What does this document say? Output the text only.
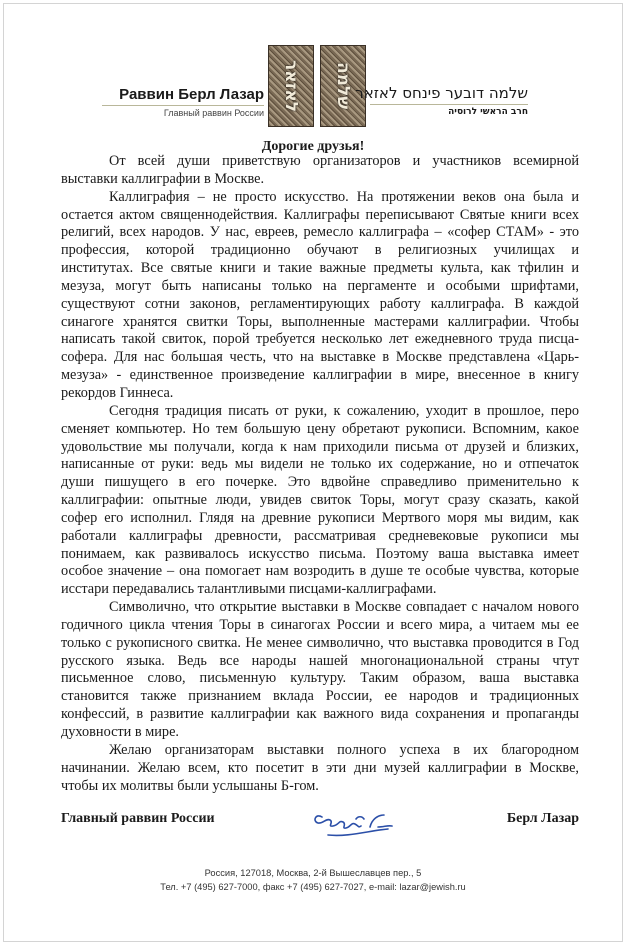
Раввин Берл Лазар
Главный раввин России
לאזאר שלמה שלמה דובער פינחס לאזאר
חרב הראשי לרוסיה
Дорогие друзья!
От всей души приветствую организаторов и участников всемирной
выставки каллиграфии в Москве.
Каллиграфия – не просто искусство. На протяжении веков она была и
остается актом священнодействия. Каллиграфы переписывают Святые книги всех
религий, всех народов. У нас, евреев, ремесло каллиграфа – «софер СТАМ» - это
профессия, которой традиционно обучают в религиозных училищах и
институтах. Все святые книги и такие важные предметы культа, как тфилин и
мезуза, могут быть написаны только на пергаменте и особыми шрифтами,
существуют сотни законов, регламентирующих работу каллиграфа. В каждой
синагоге хранятся свитки Торы, выполненные мастерами каллиграфии. Чтобы
написать такой свиток, порой требуется несколько лет ежедневного труда писца-
софера. Для нас большая честь, что на выставке в Москве представлена «Царь-
мезуза» - единственное произведение каллиграфии в мире, внесенное в книгу
рекордов Гиннеса.
Сегодня традиция писать от руки, к сожалению, уходит в прошлое, перо
сменяет компьютер. Но тем большую цену обретают рукописи. Вспомним, какое
удовольствие мы получали, когда к нам приходили письма от друзей и близких,
написанные от руки: ведь мы видели не только их содержание, но и отпечаток
души пишущего в его почерке. Это вдвойне справедливо применительно к
каллиграфии: опытные люди, увидев свиток Торы, могут сразу сказать, какой
софер его исполнил. Глядя на древние рукописи Мертвого моря мы видим, как
работали каллиграфы древности, рассматривая средневековые рукописи мы
понимаем, как развивалось искусство письма. Поэтому ваша выставка имеет
особое значение – она помогает нам возродить в душе те особые чувства, которые
исстари передавались талантливыми писцами-каллиграфами.
Символично, что открытие выставки в Москве совпадает с началом нового
годичного цикла чтения Торы в синагогах России и всего мира, а читаем мы ее
только с рукописного свитка. Не менее символично, что выставка проводится в Год
русского языка. Ведь все народы нашей многонациональной страны чтут
письменное слово, письменную культуру. Таким образом, ваша выставка
становится также признанием вклада России, ее народов и традиционных
конфессий, в развитие каллиграфии как важного вида сохранения и пропаганды
духовности в мире.
Желаю организаторам выставки полного успеха в их благородном
начинании. Желаю всем, кто посетит в эти дни музей каллиграфии в Москве,
чтобы их молитвы были услышаны Б-гом.
Главный раввин России	Берл Лазар
Россия, 127018, Москва, 2-й Вышеславцев пер., 5
Тел. +7 (495) 627-7000, факс +7 (495) 627-7027, e-mail: lazar@jewish.ru
